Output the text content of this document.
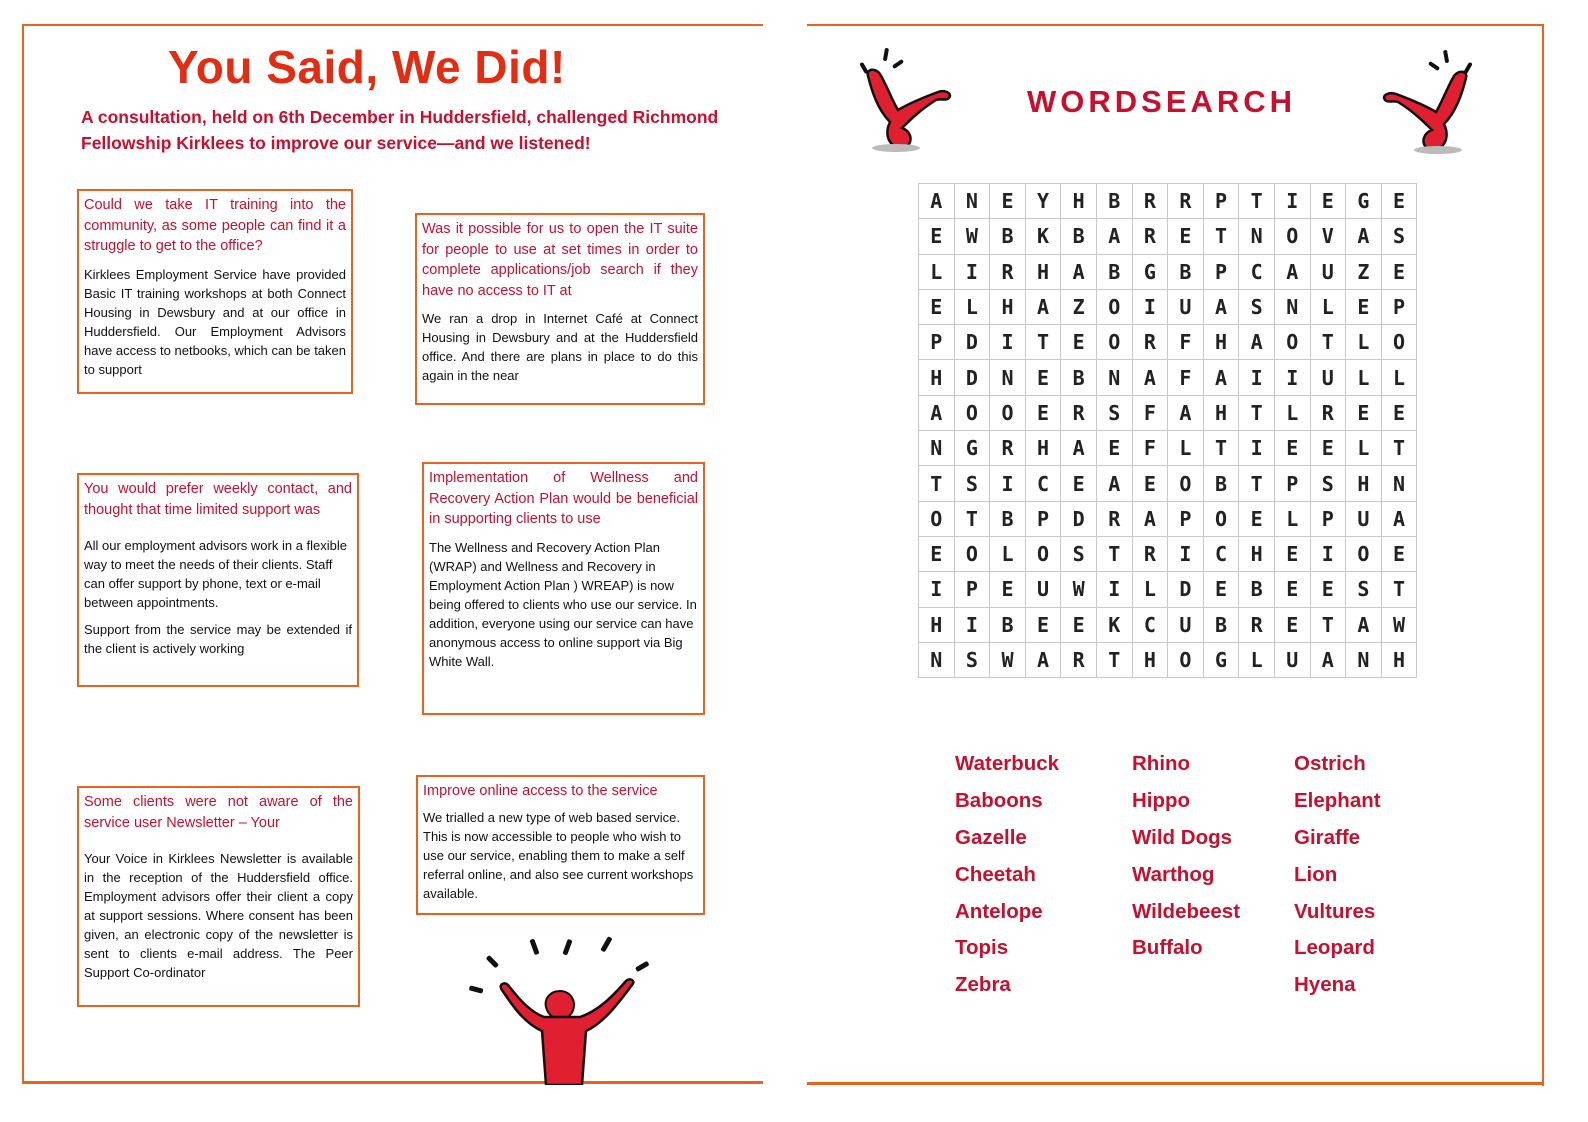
You Said, We Did!
A consultation, held on 6th December in Huddersfield, challenged Richmond Fellowship Kirklees to improve our service—and we listened!

Could we take IT training into the community, as some people can find it a struggle to get to the office?

Kirklees Employment Service have provided Basic IT training workshops at both Connect Housing in Dewsbury and at our office in Huddersfield. Our Employment Advisors have access to netbooks, which can be taken to support

Was it possible for us to open the IT suite for people to use at set times in order to complete applications/job search if they have no access to IT at

We ran a drop in Internet Café at Connect Housing in Dewsbury and at the Huddersfield office. And there are plans in place to do this again in the near

You would prefer weekly contact, and thought that time limited support was

All our employment advisors work in a flexible way to meet the needs of their clients. Staff can offer support by phone, text or e-mail between appointments.

Support from the service may be extended if the client is actively working

Implementation of Wellness and Recovery Action Plan would be beneficial in supporting clients to use

The Wellness and Recovery Action Plan (WRAP) and Wellness and Recovery in Employment Action Plan ) WREAP) is now being offered to clients who use our service. In addition, everyone using our service can have anonymous access to online support via Big White Wall.

Some clients were not aware of the service user Newsletter – Your

Your Voice in Kirklees Newsletter is available in the reception of the Huddersfield office. Employment advisors offer their client a copy at support sessions. Where consent has been given, an electronic copy of the newsletter is sent to clients e-mail address. The Peer Support Co-ordinator

Improve online access to the service

We trialled a new type of web based service. This is now accessible to people who wish to use our service, enabling them to make a self referral online, and also see current workshops available.

WORDSEARCH
A	N	E	Y	H	B	R	R	P	T	I	E	G	E
E	W	B	K	B	A	R	E	T	N	O	V	A	S
L	I	R	H	A	B	G	B	P	C	A	U	Z	E
E	L	H	A	Z	O	I	U	A	S	N	L	E	P
P	D	I	T	E	O	R	F	H	A	O	T	L	O
H	D	N	E	B	N	A	F	A	I	I	U	L	L
A	O	O	E	R	S	F	A	H	T	L	R	E	E
N	G	R	H	A	E	F	L	T	I	E	E	L	T
T	S	I	C	E	A	E	O	B	T	P	S	H	N
O	T	B	P	D	R	A	P	O	E	L	P	U	A
E	O	L	O	S	T	R	I	C	H	E	I	O	E
I	P	E	U	W	I	L	D	E	B	E	E	S	T
H	I	B	E	E	K	C	U	B	R	E	T	A	W
N	S	W	A	R	T	H	O	G	L	U	A	N	H
Waterbuck
Baboons
Gazelle
Cheetah
Antelope
Topis
Zebra
Rhino
Hippo
Wild Dogs
Warthog
Wildebeest
Buffalo
Ostrich
Elephant
Giraffe
Lion
Vultures
Leopard
Hyena
